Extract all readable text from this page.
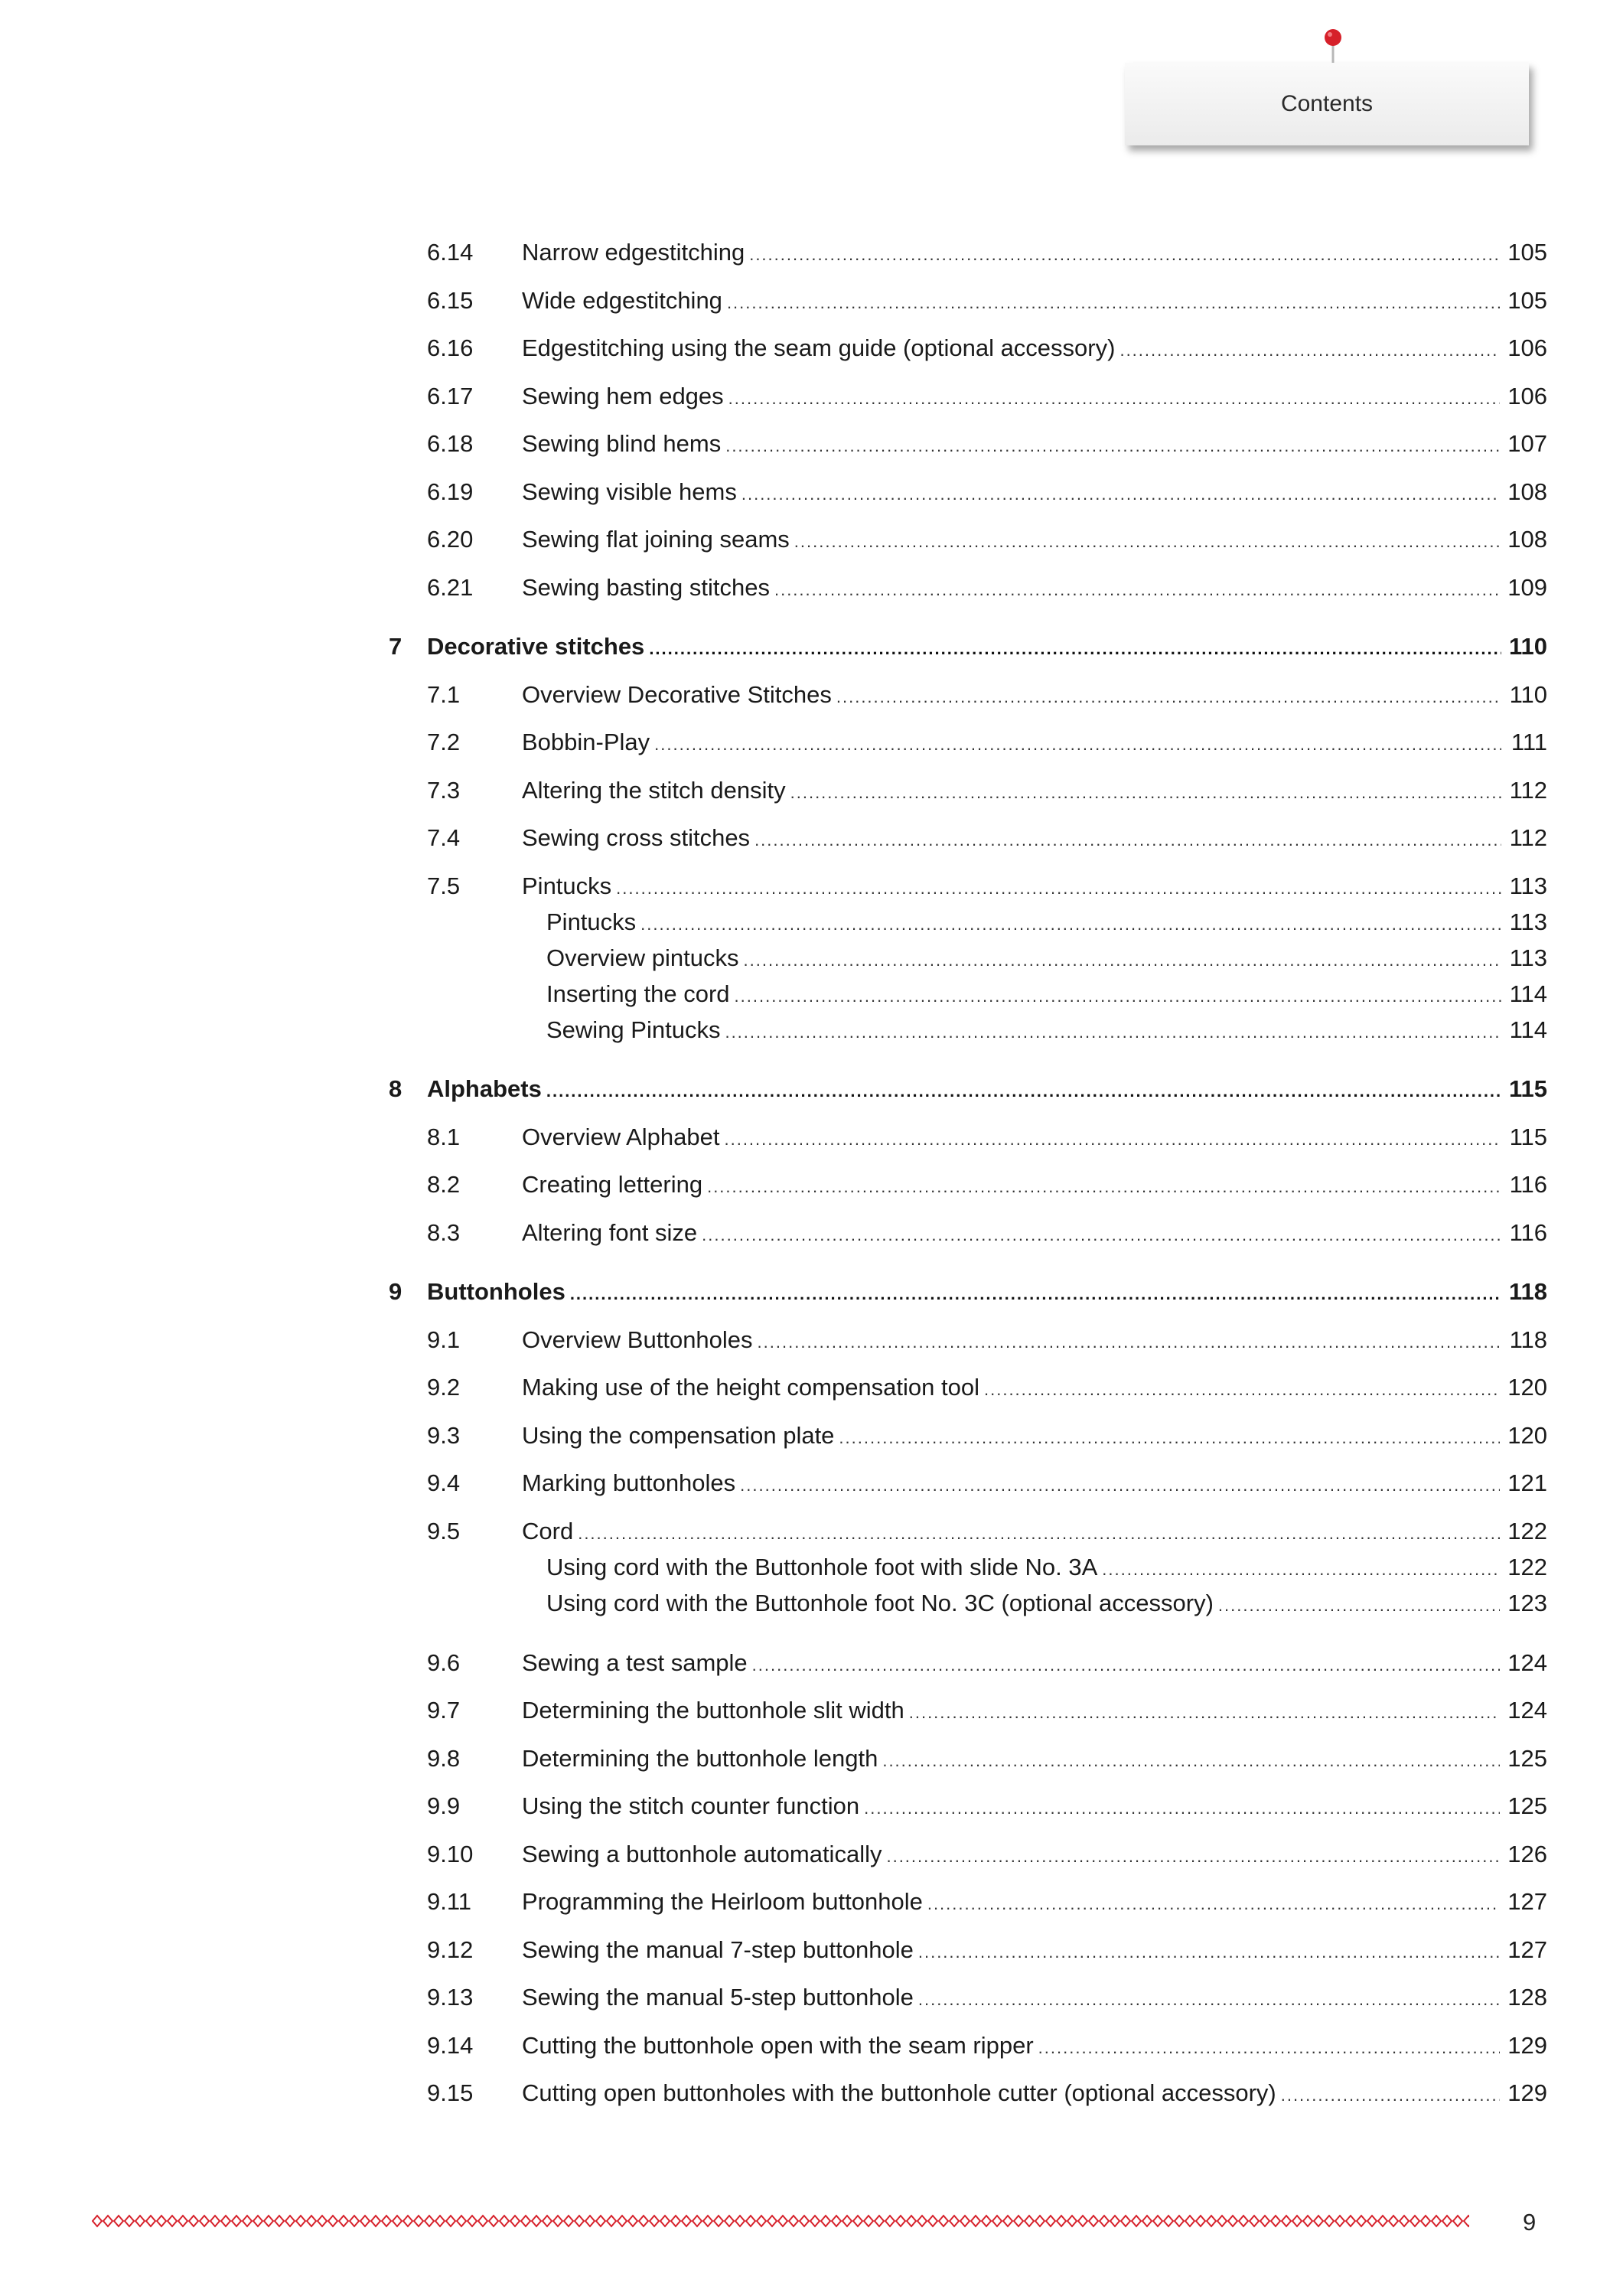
Contents
6.14 Narrow edgestitching .....	105
6.15 Wide edgestitching .....	105
6.16 Edgestitching using the seam guide (optional accessory) .....	106
6.17 Sewing hem edges .....	106
6.18 Sewing blind hems .....	107
6.19 Sewing visible hems .....	108
6.20 Sewing flat joining seams .....	108
6.21 Sewing basting stitches .....	109
7 Decorative stitches .....	110
7.1	Overview Decorative Stitches .....	110
7.2	Bobbin-Play .....	111
7.3	Altering the stitch density .....	112
7.4	Sewing cross stitches .....	112
7.5	Pintucks .....	113
Pintucks .....	113
Overview pintucks .....	113
Inserting the cord .....	114
Sewing Pintucks .....	114
8 Alphabets .....	115
8.1	Overview Alphabet .....	115
8.2	Creating lettering .....	116
8.3	Altering font size .....	116
9 Buttonholes .....	118
9.1	Overview Buttonholes .....	118
9.2	Making use of the height compensation tool .....	120
9.3	Using the compensation plate .....	120
9.4	Marking buttonholes .....	121
9.5	Cord .....	122
Using cord with the Buttonhole foot with slide No. 3A .....	122
Using cord with the Buttonhole foot No. 3C (optional accessory) .....	123
9.6	Sewing a test sample .....	124
9.7	Determining the buttonhole slit width .....	124
9.8	Determining the buttonhole length .....	125
9.9	Using the stitch counter function .....	125
9.10 Sewing a buttonhole automatically .....	126
9.11 Programming the Heirloom buttonhole .....	127
9.12 Sewing the manual 7-step buttonhole .....	127
9.13 Sewing the manual 5-step buttonhole .....	128
9.14 Cutting the buttonhole open with the seam ripper .....	129
9.15 Cutting open buttonholes with the buttonhole cutter (optional accessory) .....	129
9
